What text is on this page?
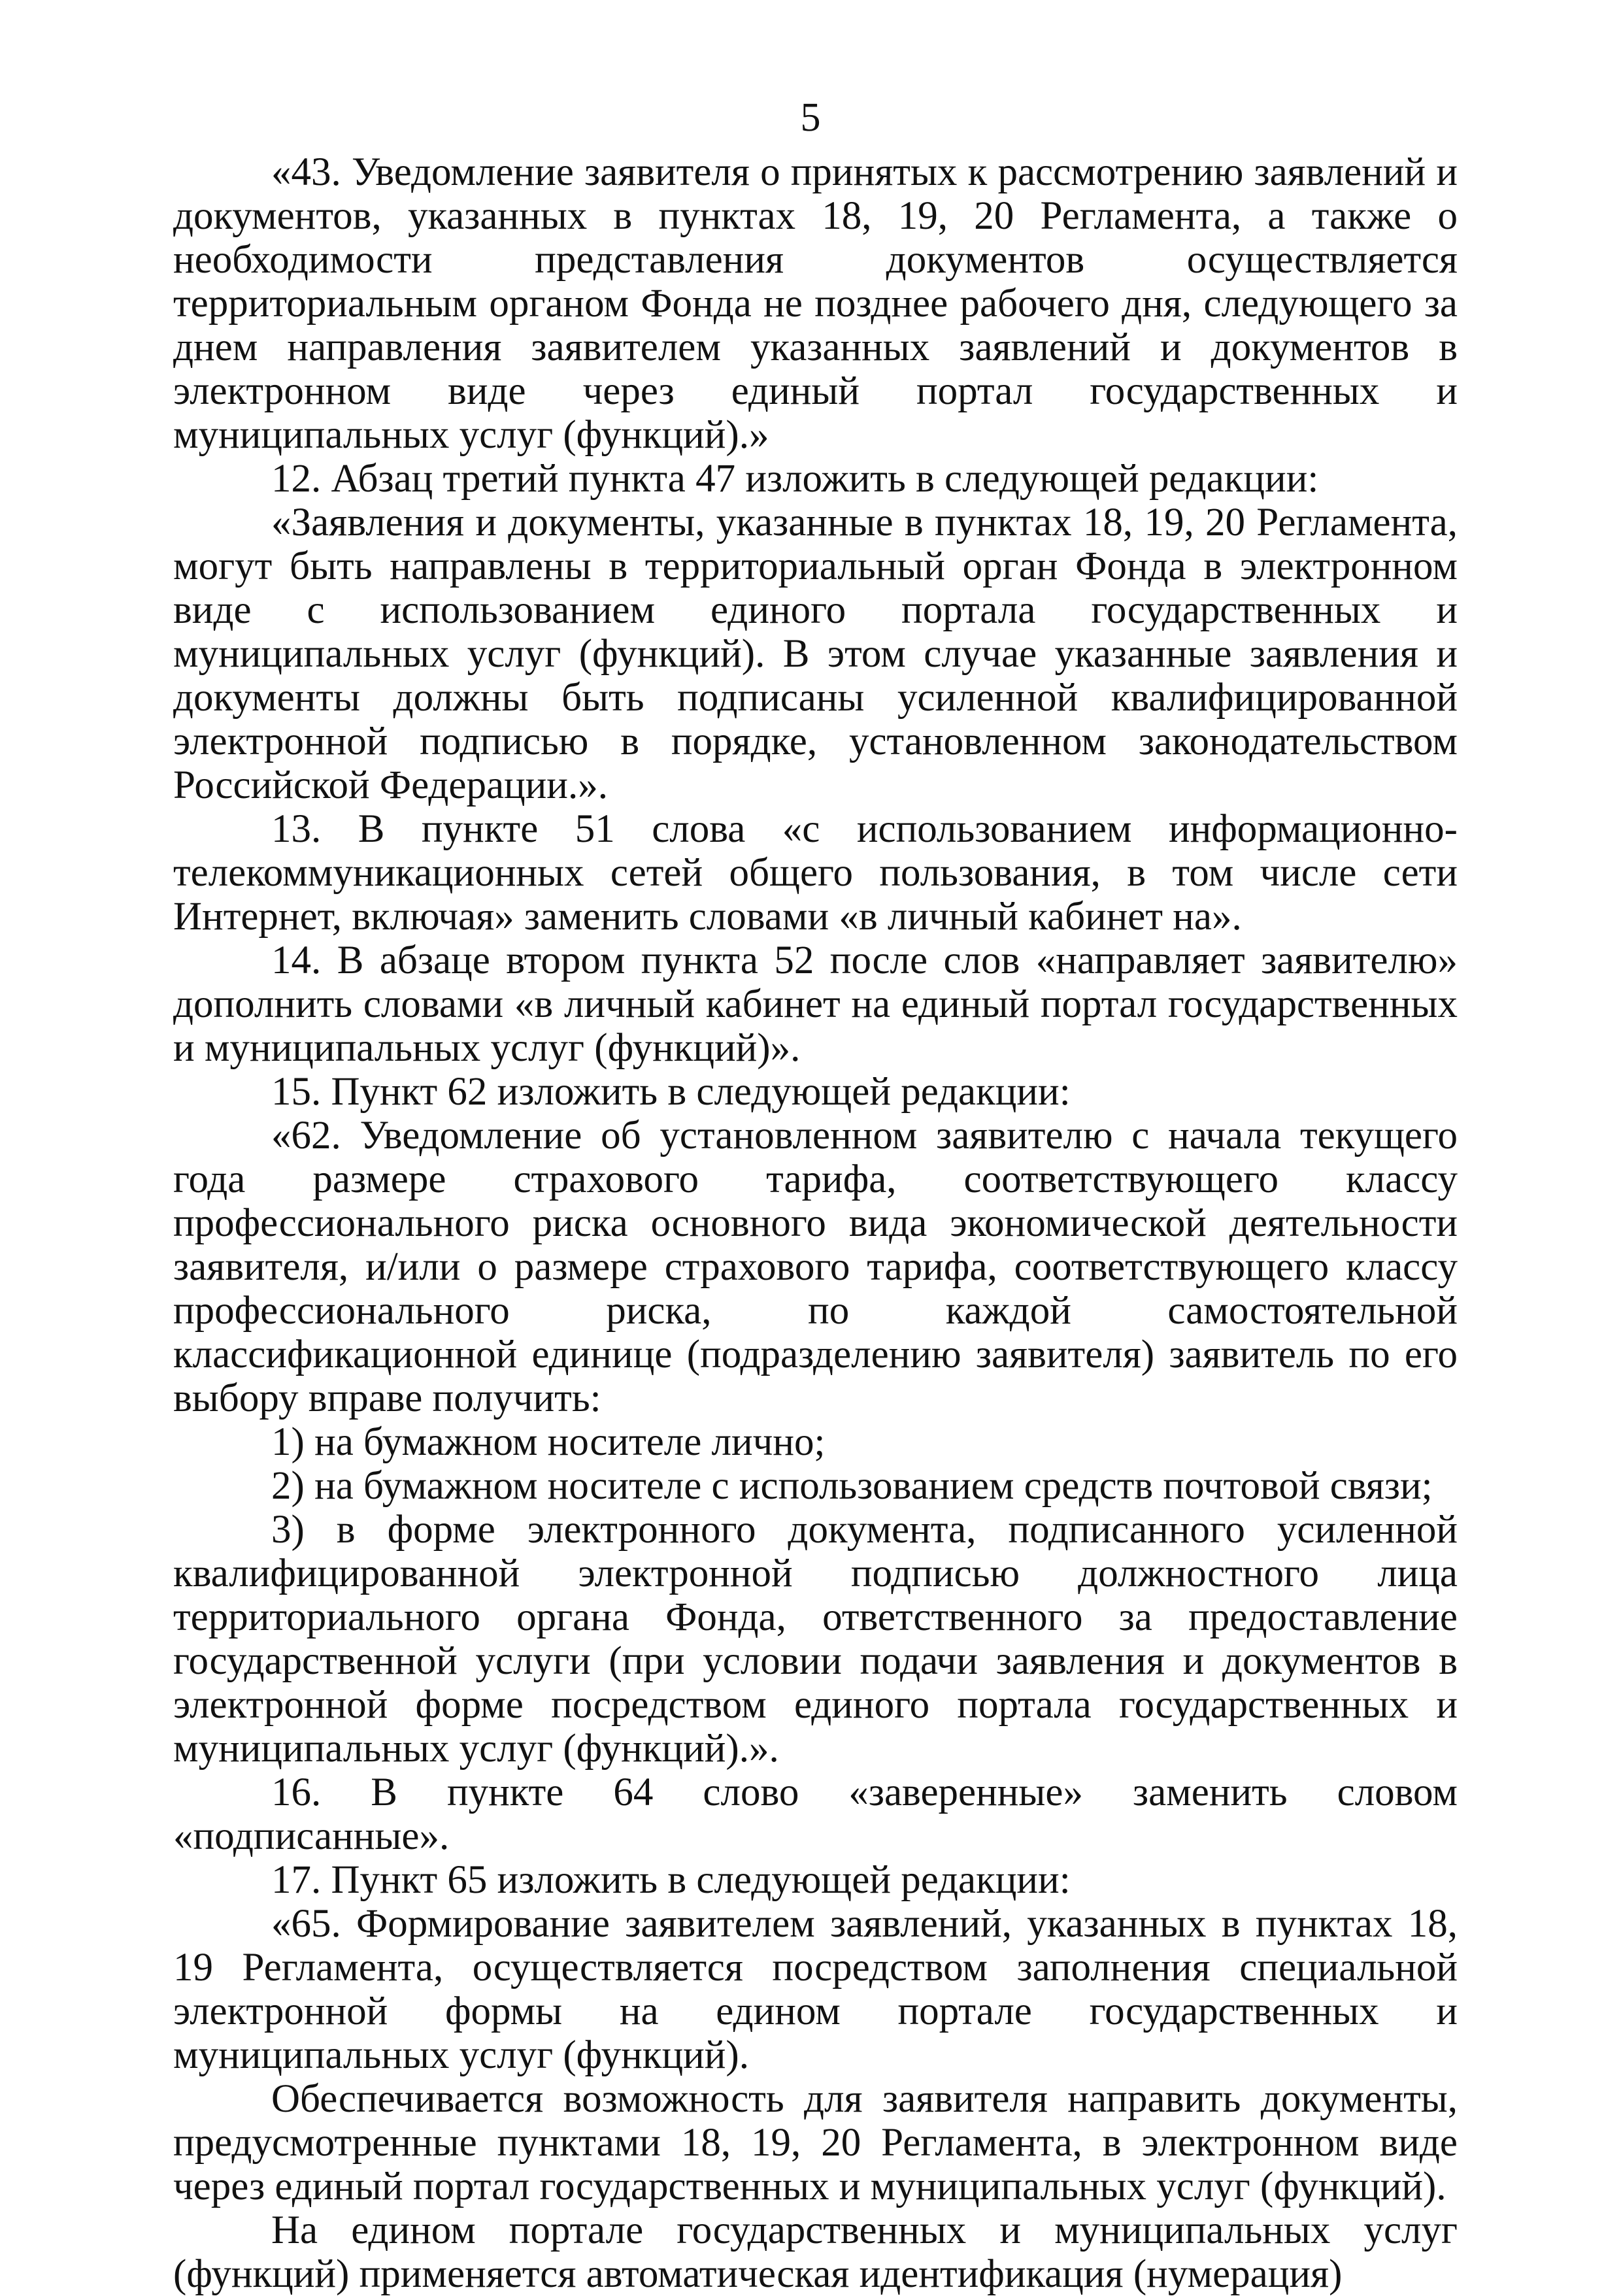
5

«43. Уведомление заявителя о принятых к рассмотрению заявлений и документов, указанных в пунктах 18, 19, 20 Регламента, а также о необходимости представления документов осуществляется территориальным органом Фонда не позднее рабочего дня, следующего за днем направления заявителем указанных заявлений и документов в электронном виде через единый портал государственных и муниципальных услуг (функций).»

12. Абзац третий пункта 47 изложить в следующей редакции:

«Заявления и документы, указанные в пунктах 18, 19, 20 Регламента, могут быть направлены в территориальный орган Фонда в электронном виде с использованием единого портала государственных и муниципальных услуг (функций). В этом случае указанные заявления и документы должны быть подписаны усиленной квалифицированной электронной подписью в порядке, установленном законодательством Российской Федерации.».

13. В пункте 51 слова «с использованием информационно-телекоммуникационных сетей общего пользования, в том числе сети Интернет, включая» заменить словами «в личный кабинет на».

14. В абзаце втором пункта 52 после слов «направляет заявителю» дополнить словами «в личный кабинет на единый портал государственных и муниципальных услуг (функций)».

15. Пункт 62 изложить в следующей редакции:

«62. Уведомление об установленном заявителю с начала текущего года размере страхового тарифа, соответствующего классу профессионального риска основного вида экономической деятельности заявителя, и/или о размере страхового тарифа, соответствующего классу профессионального риска, по каждой самостоятельной классификационной единице (подразделению заявителя) заявитель по его выбору вправе получить:

1) на бумажном носителе лично;

2) на бумажном носителе с использованием средств почтовой связи;

3) в форме электронного документа, подписанного усиленной квалифицированной электронной подписью должностного лица территориального органа Фонда, ответственного за предоставление государственной услуги (при условии подачи заявления и документов в электронной форме посредством единого портала государственных и муниципальных услуг (функций).».

16. В пункте 64 слово «заверенные» заменить словом «подписанные».

17. Пункт 65 изложить в следующей редакции:

«65. Формирование заявителем заявлений, указанных в пунктах 18, 19 Регламента, осуществляется посредством заполнения специальной электронной формы на едином портале государственных и муниципальных услуг (функций).

Обеспечивается возможность для заявителя направить документы, предусмотренные пунктами 18, 19, 20 Регламента, в электронном виде через единый портал государственных и муниципальных услуг (функций).

На едином портале государственных и муниципальных услуг (функций) применяется автоматическая идентификация (нумерация)
